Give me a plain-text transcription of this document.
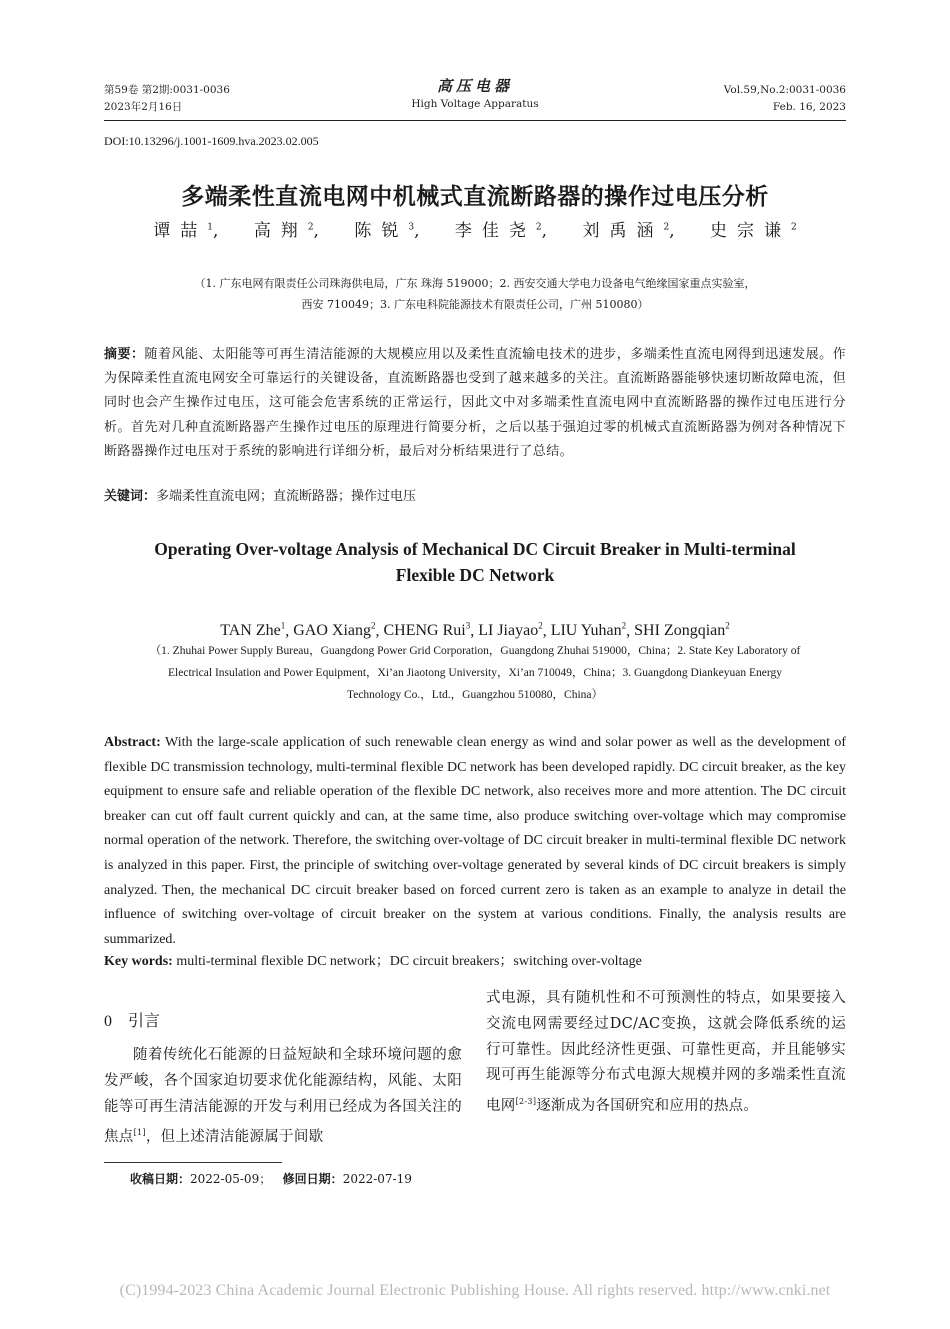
第59卷 第2期:0031-0036
2023年2月16日
高压电器
High Voltage Apparatus
Vol.59,No.2:0031-0036
Feb. 16, 2023
DOI:10.13296/j.1001-1609.hva.2023.02.005
多端柔性直流电网中机械式直流断路器的操作过电压分析
谭喆$^1$, 高翔$^2$, 陈锐$^3$, 李佳尧$^2$, 刘禹涵$^2$, 史宗谦$^2$
（1. 广东电网有限责任公司珠海供电局，广东 珠海 519000；2. 西安交通大学电力设备电气绝缘国家重点实验室，
西安 710049；3. 广东电科院能源技术有限责任公司，广州 510080）
摘要：随着风能、太阳能等可再生清洁能源的大规模应用以及柔性直流输电技术的进步，多端柔性直流电网得到迅速发展。作为保障柔性直流电网安全可靠运行的关键设备，直流断路器也受到了越来越多的关注。直流断路器能够快速切断故障电流，但同时也会产生操作过电压，这可能会危害系统的正常运行，因此文中对多端柔性直流电网中直流断路器的操作过电压进行分析。首先对几种直流断路器产生操作过电压的原理进行简要分析，之后以基于强迫过零的机械式直流断路器为例对各种情况下断路器操作过电压对于系统的影响进行详细分析，最后对分析结果进行了总结。
关键词：多端柔性直流电网；直流断路器；操作过电压
Operating Over-voltage Analysis of Mechanical DC Circuit Breaker in Multi-terminal
Flexible DC Network
TAN Zhe$^1$, GAO Xiang$^2$, CHENG Rui$^3$, LI Jiayao$^2$, LIU Yuhan$^2$, SHI Zongqian$^2$
（1. Zhuhai Power Supply Bureau，Guangdong Power Grid Corporation，Guangdong Zhuhai 519000，China；2. State Key Laboratory of
Electrical Insulation and Power Equipment，Xi’an Jiaotong University，Xi’an 710049，China；3. Guangdong Diankeyuan Energy
Technology Co.，Ltd.，Guangzhou 510080，China）
Abstract: With the large-scale application of such renewable clean energy as wind and solar power as well as the development of flexible DC transmission technology, multi-terminal flexible DC network has been developed rapidly. DC circuit breaker, as the key equipment to ensure safe and reliable operation of the flexible DC network, also receives more and more attention. The DC circuit breaker can cut off fault current quickly and can, at the same time, also produce switching over-voltage which may compromise normal operation of the network. Therefore, the switching over-voltage of DC circuit breaker in multi-terminal flexible DC network is analyzed in this paper. First, the principle of switching over-voltage generated by several kinds of DC circuit breakers is simply analyzed. Then, the mechanical DC circuit breaker based on forced current zero is taken as an example to analyze in detail the influence of switching over-voltage of circuit breaker on the system at various conditions. Finally, the analysis results are summarized.
Key words: multi-terminal flexible DC network；DC circuit breakers；switching over-voltage
0 引言
随着传统化石能源的日益短缺和全球环境问题的愈发严峻，各个国家迫切要求优化能源结构，风能、太阳能等可再生清洁能源的开发与利用已经成为各国关注的焦点[1]，但上述清洁能源属于间歇
式电源，具有随机性和不可预测性的特点，如果要接入交流电网需要经过DC/AC变换，这就会降低系统的运行可靠性。因此经济性更强、可靠性更高，并且能够实现可再生能源等分布式电源大规模并网的多端柔性直流电网[2-3]逐渐成为各国研究和应用的热点。
收稿日期：2022-05-09； 修回日期：2022-07-19
(C)1994-2023 China Academic Journal Electronic Publishing House. All rights reserved. http://www.cnki.net
